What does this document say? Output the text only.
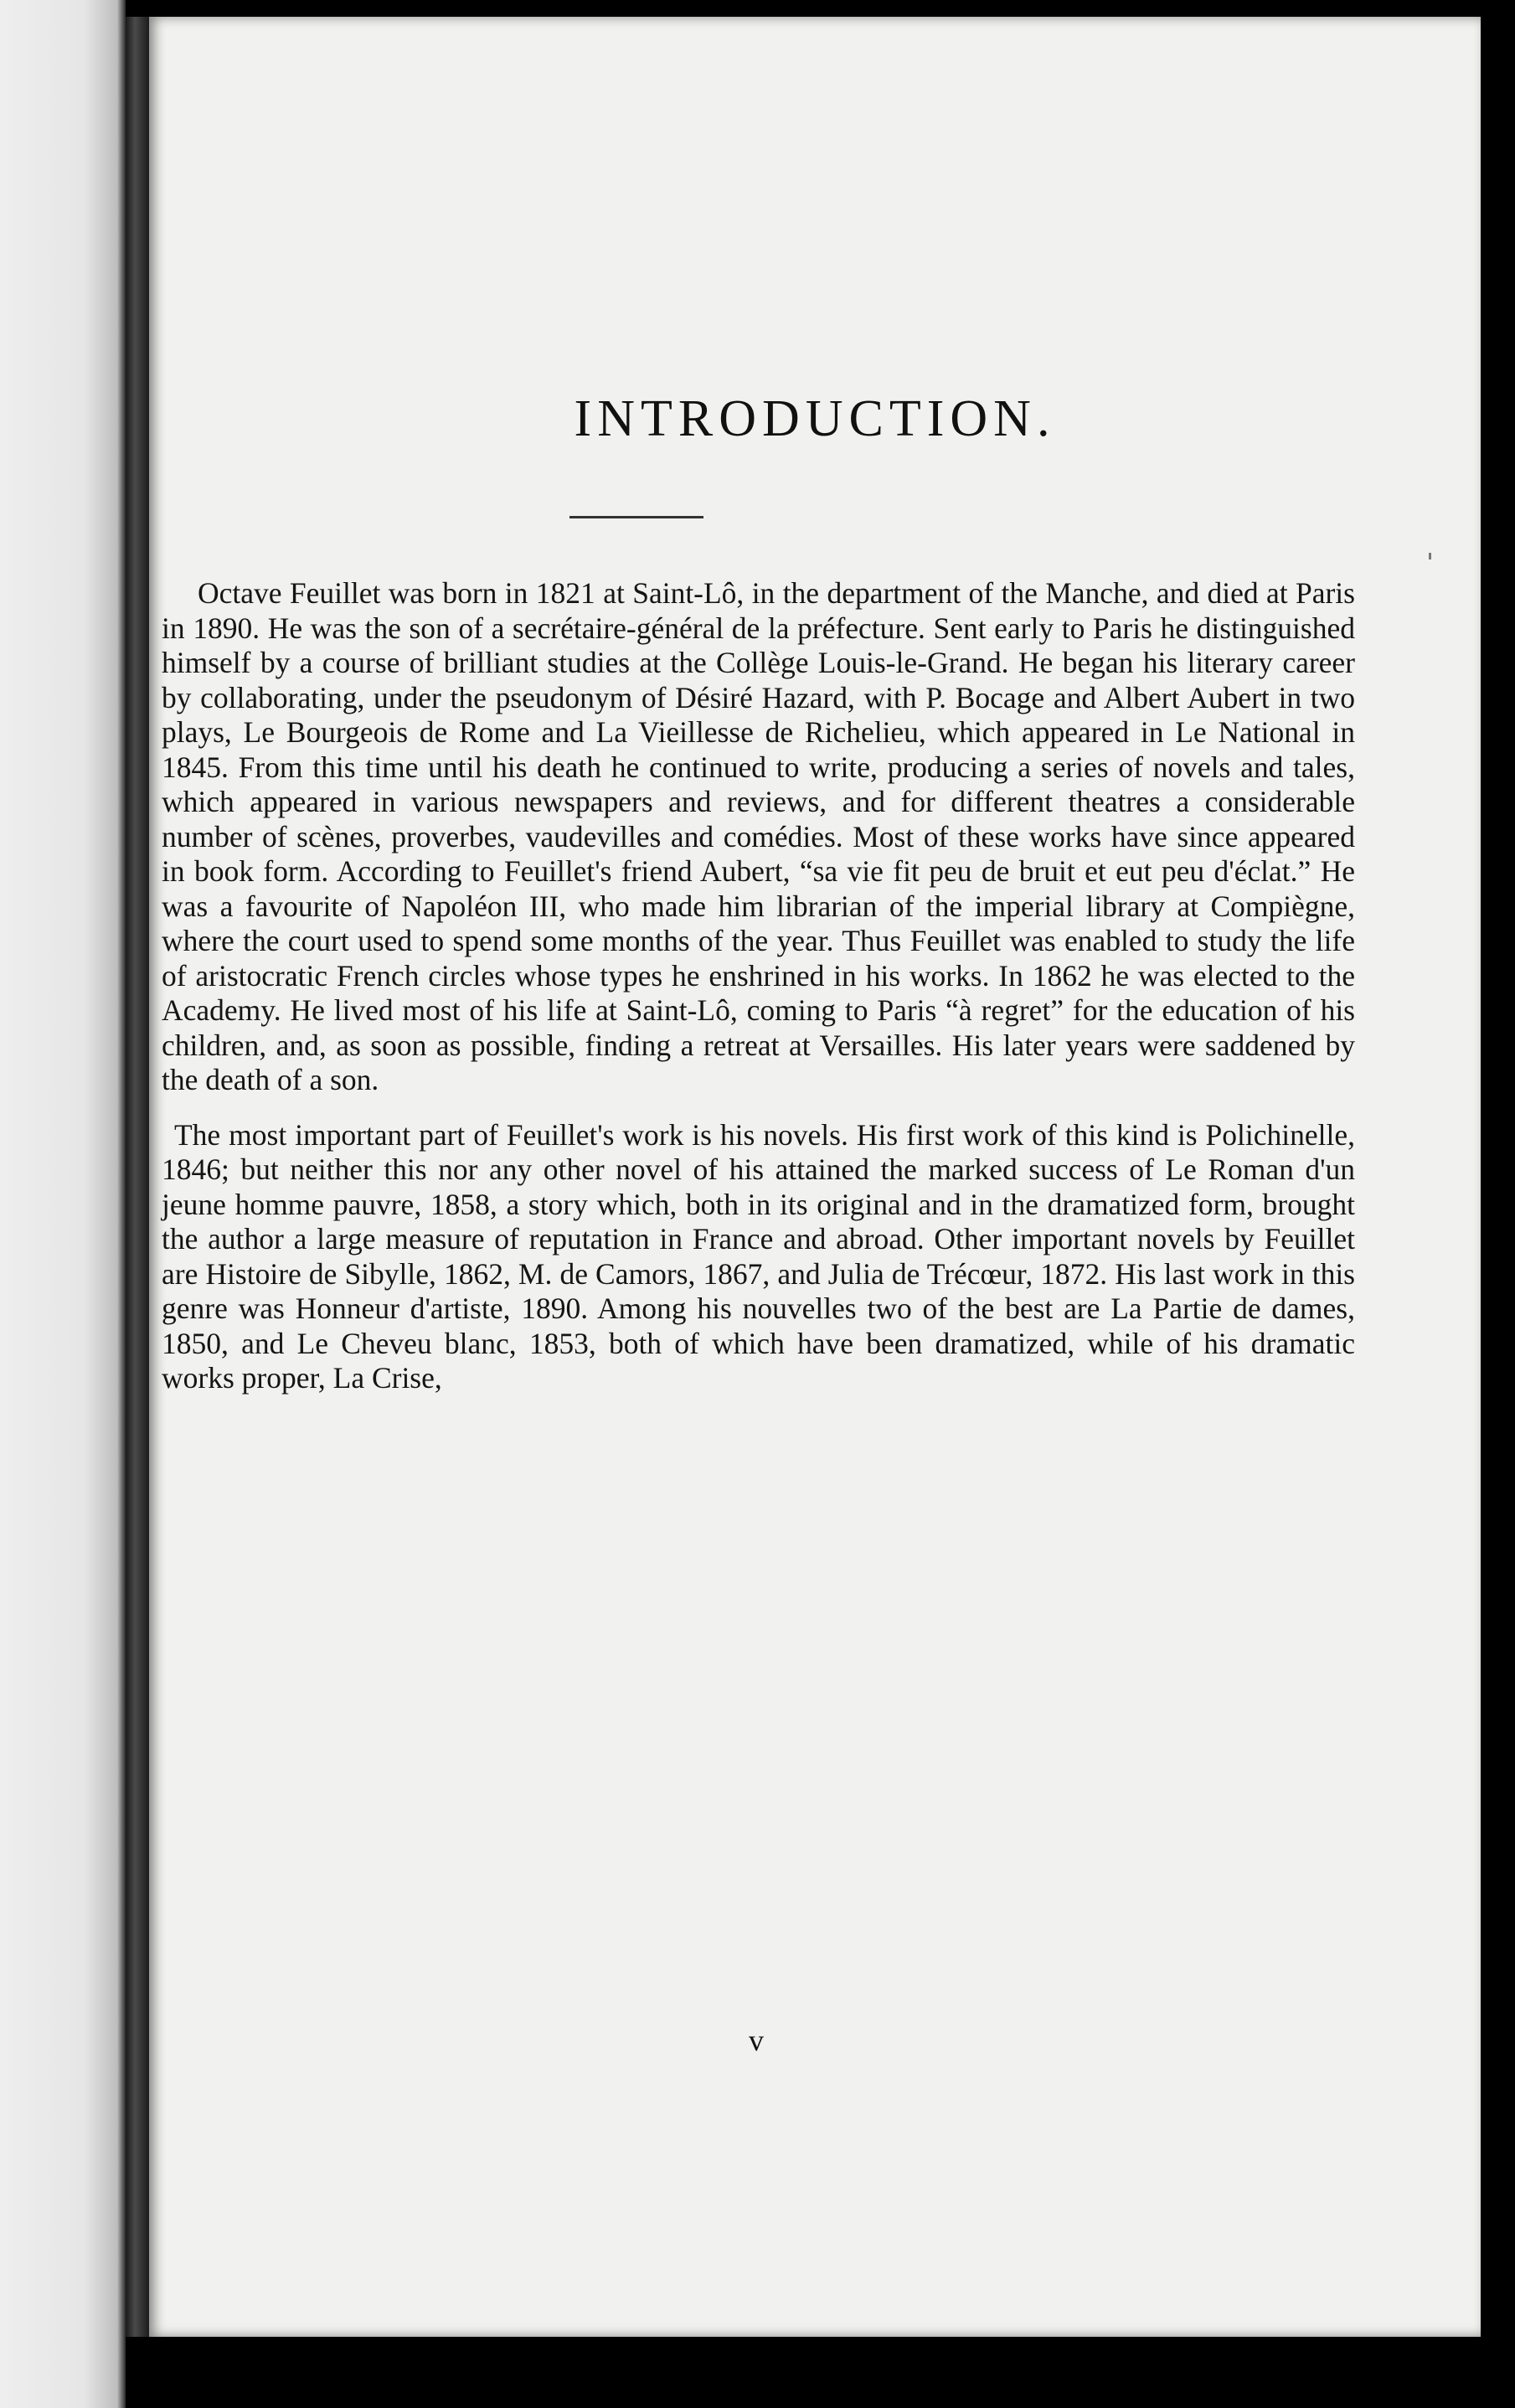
INTRODUCTION.

Octave Feuillet was born in 1821 at Saint-Lô, in the department of the Manche, and died at Paris in 1890. He was the son of a secrétaire-général de la préfecture. Sent early to Paris he distinguished himself by a course of brilliant studies at the Collège Louis-le-Grand. He began his literary career by collaborating, under the pseudonym of Désiré Hazard, with P. Bocage and Albert Aubert in two plays, Le Bourgeois de Rome and La Vieillesse de Richelieu, which appeared in Le National in 1845. From this time until his death he continued to write, producing a series of novels and tales, which appeared in various newspapers and reviews, and for different theatres a considerable number of scènes, proverbes, vaudevilles and comédies. Most of these works have since appeared in book form. According to Feuillet's friend Aubert, “sa vie fit peu de bruit et eut peu d'éclat.” He was a favourite of Napoléon III, who made him librarian of the imperial library at Compiègne, where the court used to spend some months of the year. Thus Feuillet was enabled to study the life of aristocratic French circles whose types he enshrined in his works. In 1862 he was elected to the Academy. He lived most of his life at Saint-Lô, coming to Paris “à regret” for the education of his children, and, as soon as possible, finding a retreat at Versailles. His later years were saddened by the death of a son.

The most important part of Feuillet's work is his novels. His first work of this kind is Polichinelle, 1846; but neither this nor any other novel of his attained the marked success of Le Roman d'un jeune homme pauvre, 1858, a story which, both in its original and in the dramatized form, brought the author a large measure of reputation in France and abroad. Other important novels by Feuillet are Histoire de Sibylle, 1862, M. de Camors, 1867, and Julia de Trécœur, 1872. His last work in this genre was Honneur d'artiste, 1890. Among his nouvelles two of the best are La Partie de dames, 1850, and Le Cheveu blanc, 1853, both of which have been dramatized, while of his dramatic works proper, La Crise,

v
